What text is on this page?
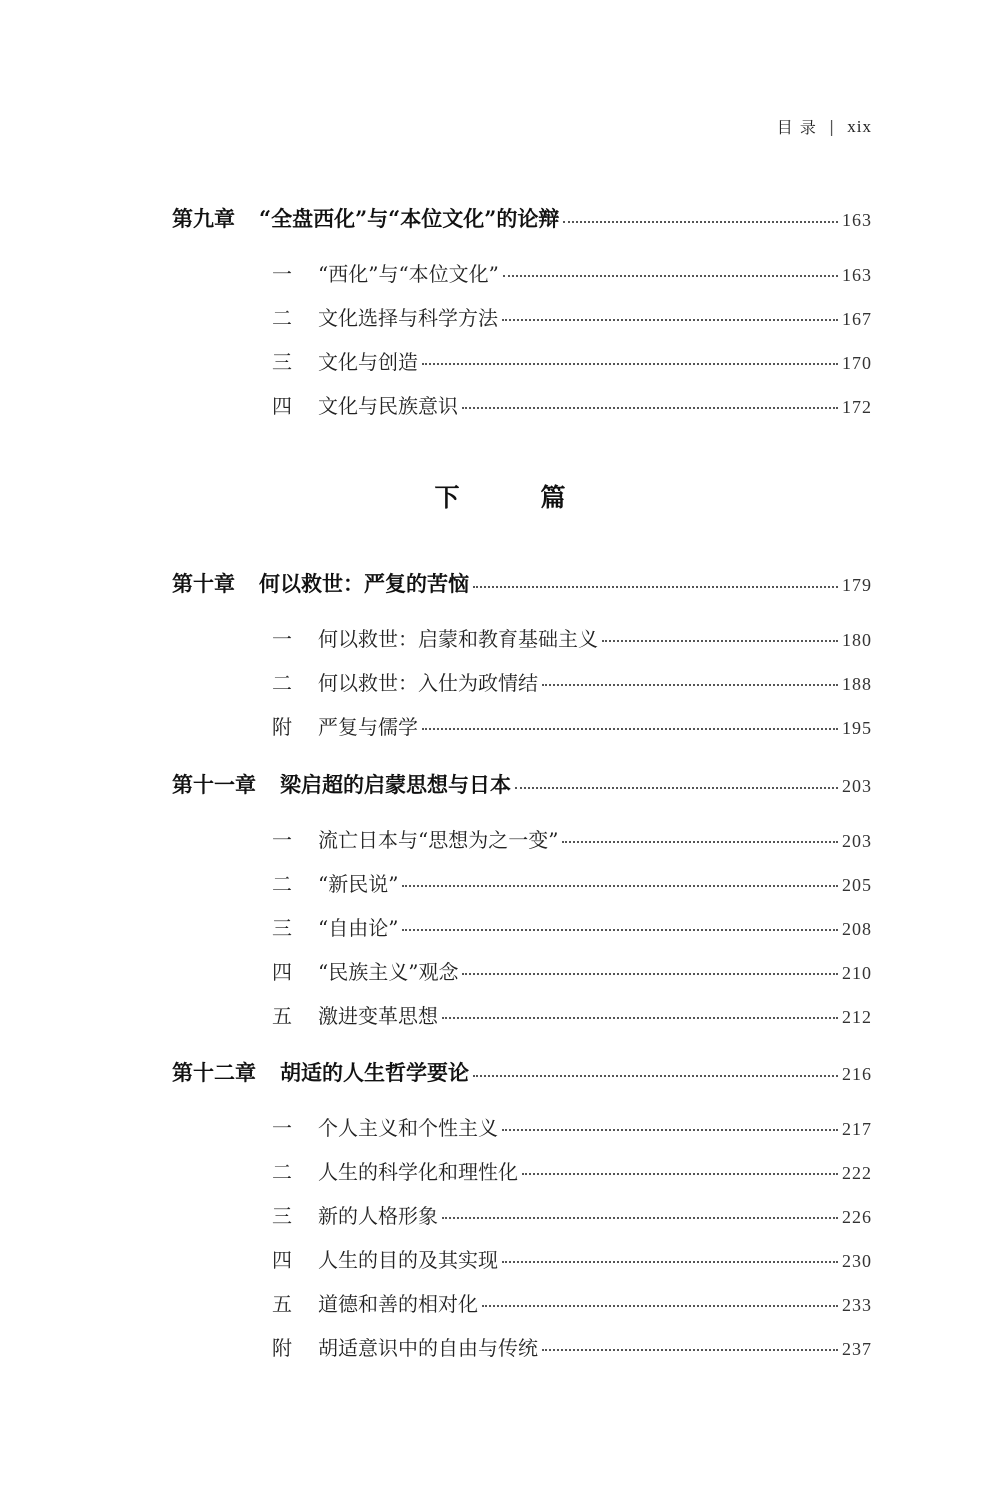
目 录 | xix
下　篇
第九章 “全盘西化”与“本位文化”的论辩	163
一	“西化”与“本位文化”	163
二	文化选择与科学方法	167
三	文化与创造	170
四	文化与民族意识	172
第十章 何以救世：严复的苦恼	179
一	何以救世：启蒙和教育基础主义	180
二	何以救世：入仕为政情结	188
附	严复与儒学	195
第十一章 梁启超的启蒙思想与日本	203
一	流亡日本与“思想为之一变”	203
二	“新民说”	205
三	“自由论”	208
四	“民族主义”观念	210
五	激进变革思想	212
第十二章 胡适的人生哲学要论	216
一	个人主义和个性主义	217
二	人生的科学化和理性化	222
三	新的人格形象	226
四	人生的目的及其实现	230
五	道德和善的相对化	233
附	胡适意识中的自由与传统	237
